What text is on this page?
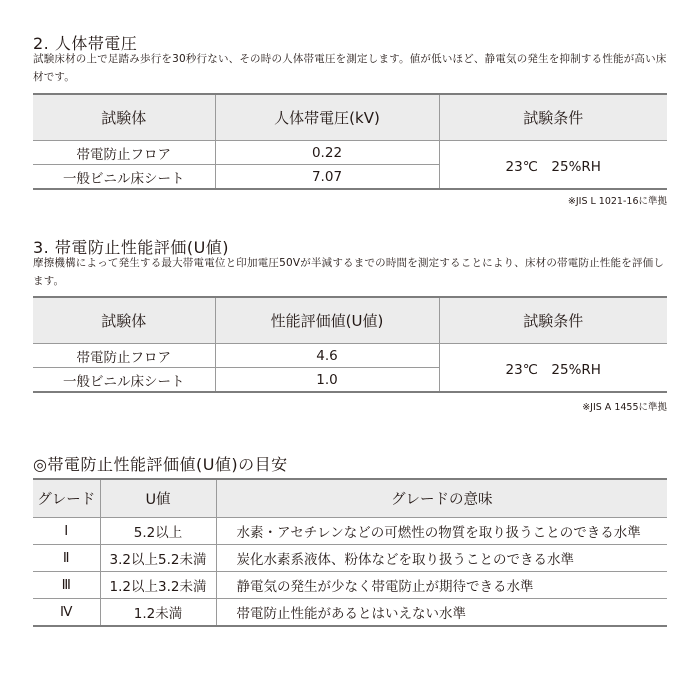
2. 人体帯電圧
試験床材の上で足踏み歩行を30秒行ない、その時の人体帯電圧を測定します。値が低いほど、静電気の発生を抑制する性能が高い床材です。
試験体	人体帯電圧(kV)	試験条件
帯電防止フロア	0.22	23℃　25%RH
一般ビニル床シート	7.07	
※JIS L 1021-16に準拠
3. 帯電防止性能評価(U値)
摩擦機構によって発生する最大帯電電位と印加電圧50Vが半減するまでの時間を測定することにより、床材の帯電防止性能を評価します。
試験体	性能評価値(U値)	試験条件
帯電防止フロア	4.6	23℃　25%RH
一般ビニル床シート	1.0	
※JIS A 1455に準拠
◎帯電防止性能評価値(U値)の目安
グレード	U値	グレードの意味
Ⅰ	5.2以上	水素・アセチレンなどの可燃性の物質を取り扱うことのできる水準
Ⅱ	3.2以上5.2未満	炭化水素系液体、粉体などを取り扱うことのできる水準
Ⅲ	1.2以上3.2未満	静電気の発生が少なく帯電防止が期待できる水準
Ⅳ	1.2未満	帯電防止性能があるとはいえない水準
